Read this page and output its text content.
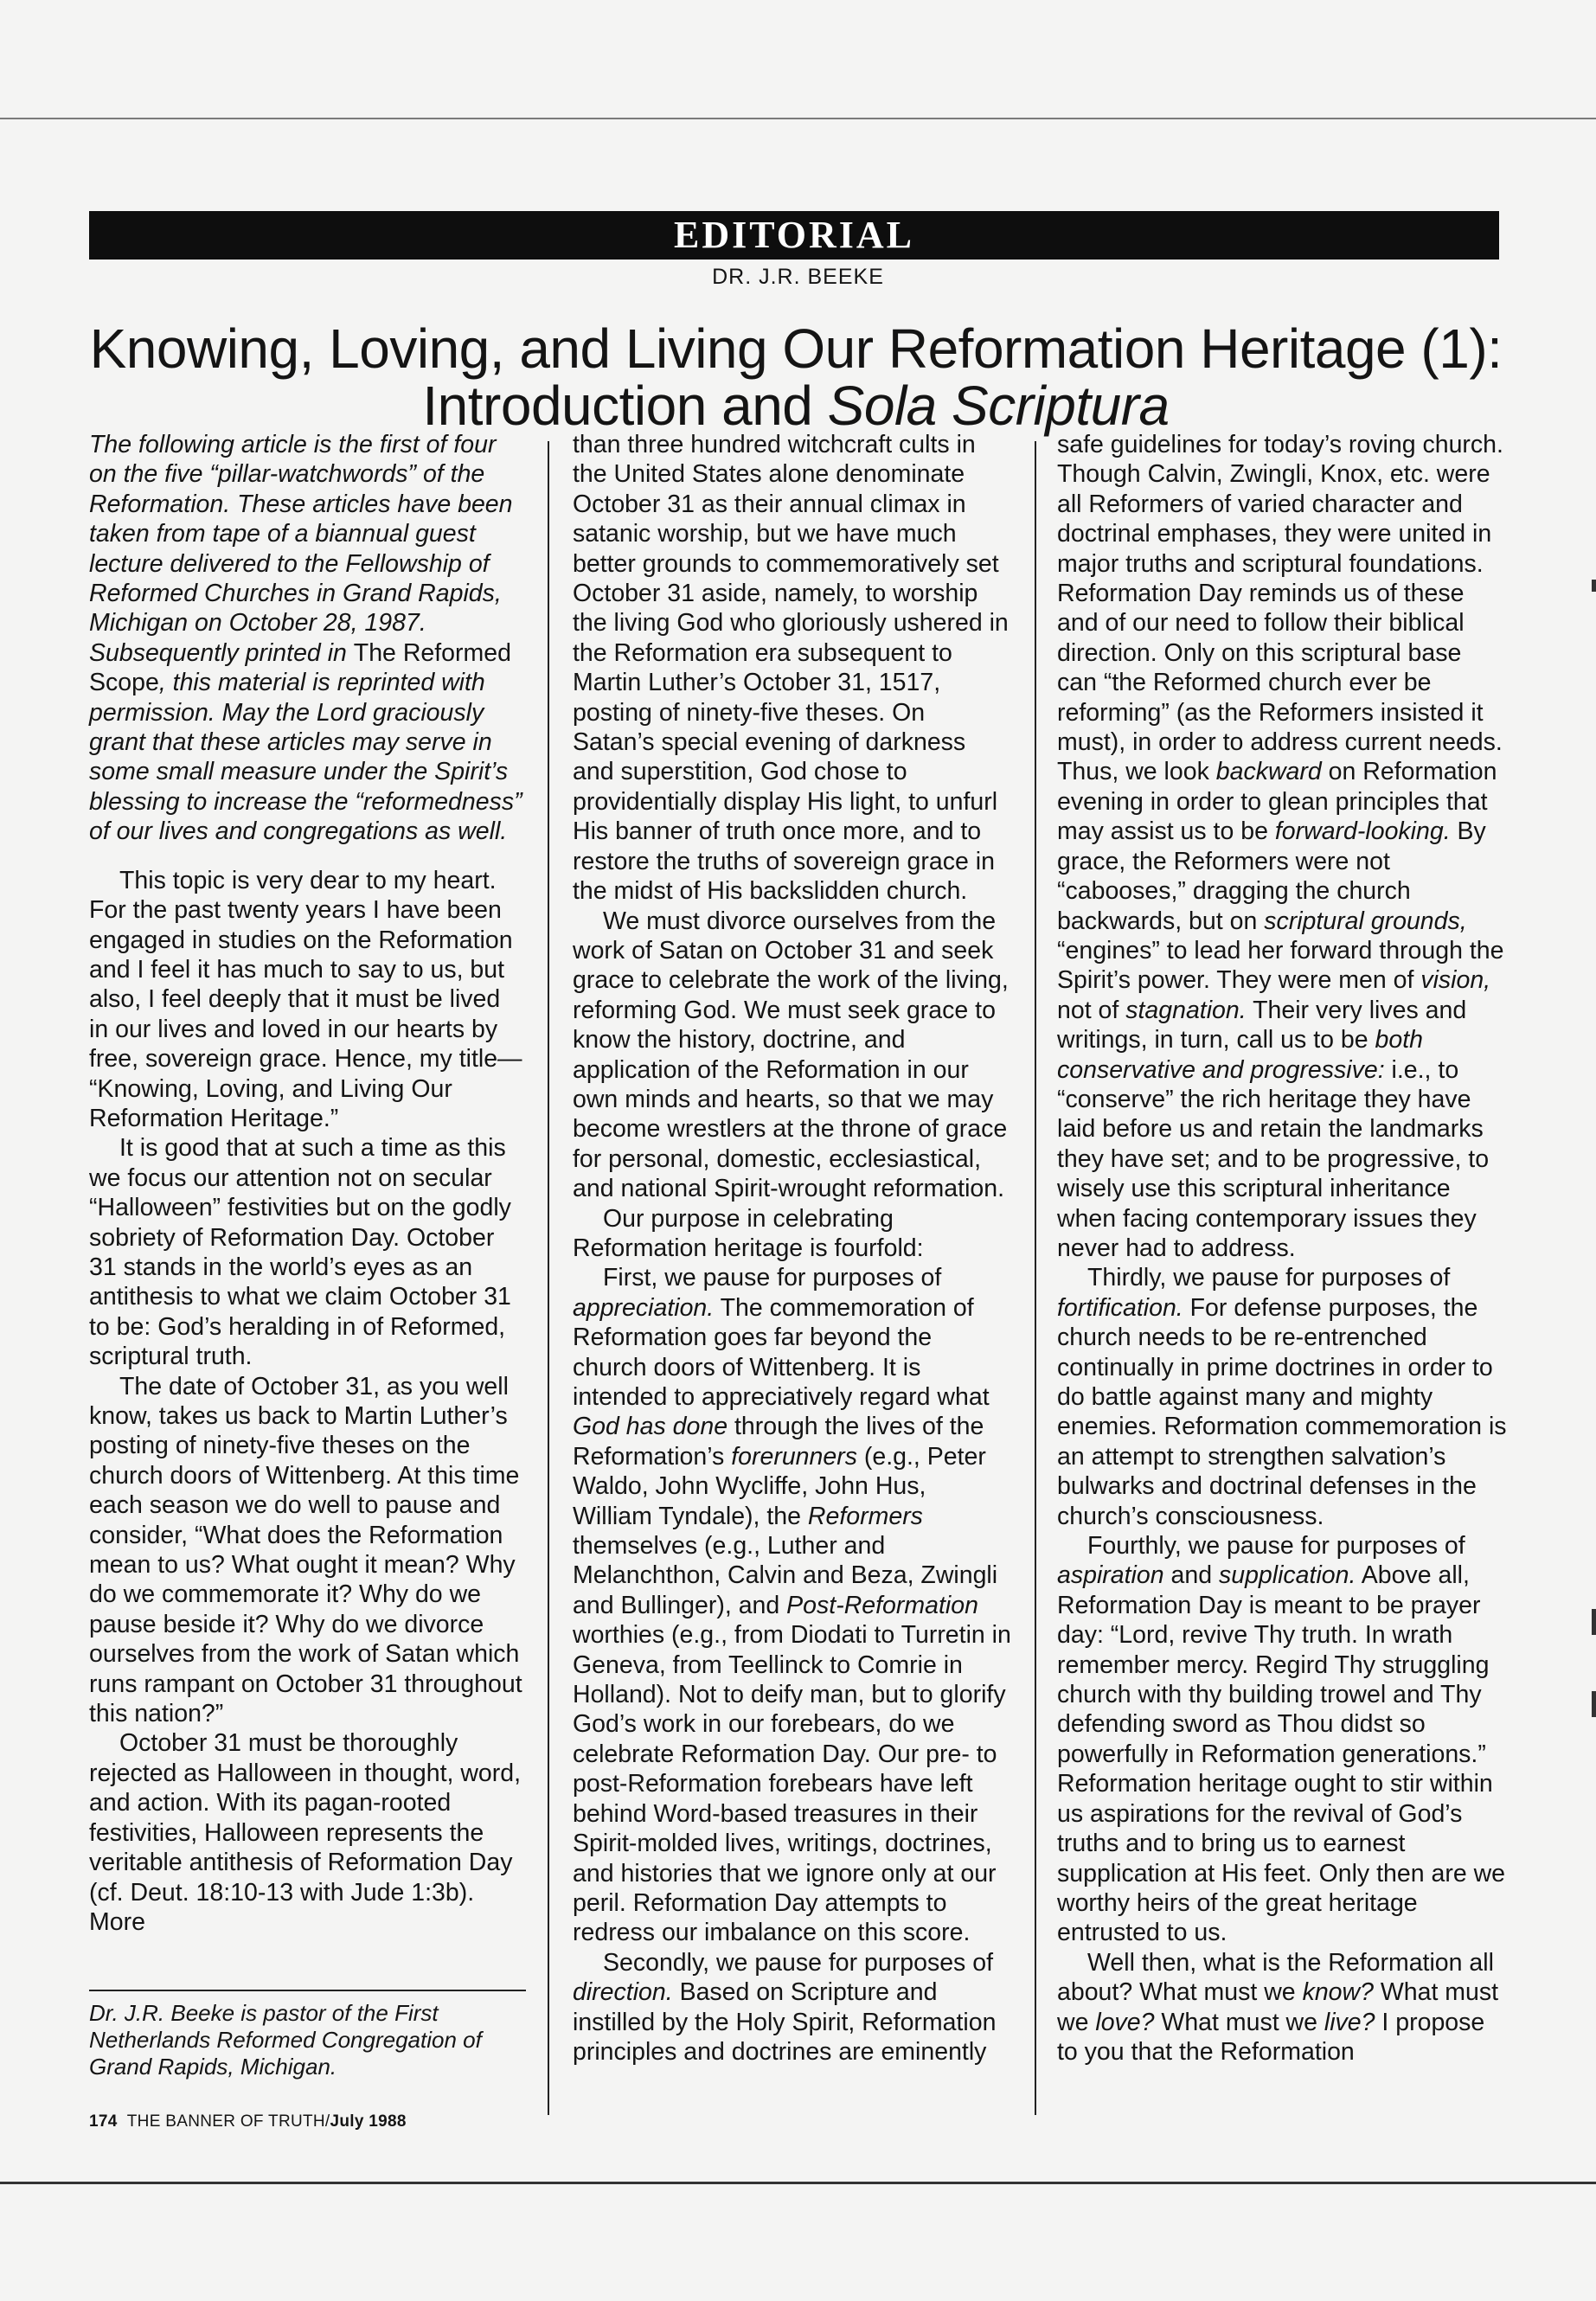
EDITORIAL
DR. J.R. BEEKE
Knowing, Loving, and Living Our Reformation Heritage (1):
Introduction and Sola Scriptura

The following article is the first of four on the five “pillar-watchwords” of the Reformation. These articles have been taken from tape of a biannual guest lecture delivered to the Fellowship of Reformed Churches in Grand Rapids, Michigan on October 28, 1987. Subsequently printed in The Reformed Scope, this material is reprinted with permission. May the Lord graciously grant that these articles may serve in some small measure under the Spirit’s blessing to increase the “reformedness” of our lives and congregations as well.

This topic is very dear to my heart. For the past twenty years I have been engaged in studies on the Reformation and I feel it has much to say to us, but also, I feel deeply that it must be lived in our lives and loved in our hearts by free, sovereign grace. Hence, my title— “Knowing, Loving, and Living Our Reformation Heritage.”

It is good that at such a time as this we focus our attention not on secular “Halloween” festivities but on the godly sobriety of Reformation Day. October 31 stands in the world’s eyes as an antithesis to what we claim October 31 to be: God’s heralding in of Reformed, scriptural truth.

The date of October 31, as you well know, takes us back to Martin Luther’s posting of ninety-five theses on the church doors of Wittenberg. At this time each season we do well to pause and consider, “What does the Reformation mean to us? What ought it mean? Why do we commemorate it? Why do we pause beside it? Why do we divorce ourselves from the work of Satan which runs rampant on October 31 throughout this nation?”

October 31 must be thoroughly rejected as Halloween in thought, word, and action. With its pagan-rooted festivities, Halloween represents the veritable antithesis of Reformation Day (cf. Deut. 18:10-13 with Jude 1:3b). More

Dr. J.R. Beeke is pastor of the First Netherlands Reformed Congregation of Grand Rapids, Michigan.
174 THE BANNER OF TRUTH/July 1988

than three hundred witchcraft cults in the United States alone denominate October 31 as their annual climax in satanic worship, but we have much better grounds to commemoratively set October 31 aside, namely, to worship the living God who gloriously ushered in the Reformation era subsequent to Martin Luther’s October 31, 1517, posting of ninety-five theses. On Satan’s special evening of darkness and superstition, God chose to providentially display His light, to unfurl His banner of truth once more, and to restore the truths of sovereign grace in the midst of His backslidden church.

We must divorce ourselves from the work of Satan on October 31 and seek grace to celebrate the work of the living, reforming God. We must seek grace to know the history, doctrine, and application of the Reformation in our own minds and hearts, so that we may become wrestlers at the throne of grace for personal, domestic, ecclesiastical, and national Spirit-wrought reformation.

Our purpose in celebrating Reformation heritage is fourfold:

First, we pause for purposes of appreciation. The commemoration of Reformation goes far beyond the church doors of Wittenberg. It is intended to appreciatively regard what God has done through the lives of the Reformation’s forerunners (e.g., Peter Waldo, John Wycliffe, John Hus, William Tyndale), the Reformers themselves (e.g., Luther and Melanchthon, Calvin and Beza, Zwingli and Bullinger), and Post-Reformation worthies (e.g., from Diodati to Turretin in Geneva, from Teellinck to Comrie in Holland). Not to deify man, but to glorify God’s work in our forebears, do we celebrate Reformation Day. Our pre- to post-Reformation forebears have left behind Word-based treasures in their Spirit-molded lives, writings, doctrines, and histories that we ignore only at our peril. Reformation Day attempts to redress our imbalance on this score.

Secondly, we pause for purposes of direction. Based on Scripture and instilled by the Holy Spirit, Reformation principles and doctrines are eminently

safe guidelines for today’s roving church. Though Calvin, Zwingli, Knox, etc. were all Reformers of varied character and doctrinal emphases, they were united in major truths and scriptural foundations. Reformation Day reminds us of these and of our need to follow their biblical direction. Only on this scriptural base can “the Reformed church ever be reforming” (as the Reformers insisted it must), in order to address current needs. Thus, we look backward on Reformation evening in order to glean principles that may assist us to be forward-looking. By grace, the Reformers were not “cabooses,” dragging the church backwards, but on scriptural grounds, “engines” to lead her forward through the Spirit’s power. They were men of vision, not of stagnation. Their very lives and writings, in turn, call us to be both conservative and progressive: i.e., to “conserve” the rich heritage they have laid before us and retain the landmarks they have set; and to be progressive, to wisely use this scriptural inheritance when facing contemporary issues they never had to address.

Thirdly, we pause for purposes of fortification. For defense purposes, the church needs to be re-entrenched continually in prime doctrines in order to do battle against many and mighty enemies. Reformation commemoration is an attempt to strengthen salvation’s bulwarks and doctrinal defenses in the church’s consciousness.

Fourthly, we pause for purposes of aspiration and supplication. Above all, Reformation Day is meant to be prayer day: “Lord, revive Thy truth. In wrath remember mercy. Regird Thy struggling church with thy building trowel and Thy defending sword as Thou didst so powerfully in Reformation generations.” Reformation heritage ought to stir within us aspirations for the revival of God’s truths and to bring us to earnest supplication at His feet. Only then are we worthy heirs of the great heritage entrusted to us.

Well then, what is the Reformation all about? What must we know? What must we love? What must we live? I propose to you that the Reformation
